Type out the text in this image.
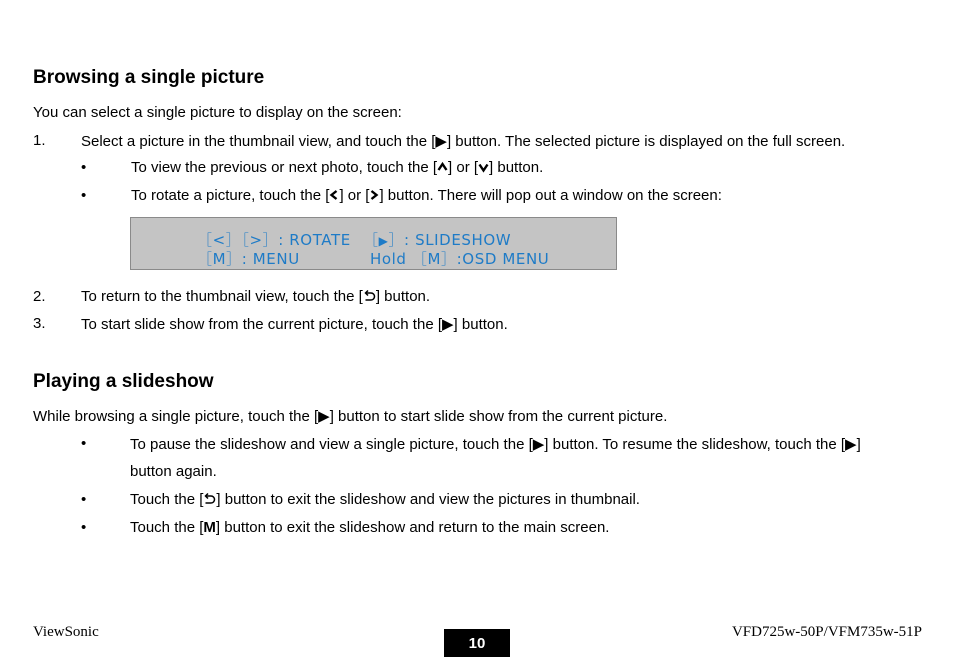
Browsing a single picture
You can select a single picture to display on the screen:
1. Select a picture in the thumbnail view, and touch the [▶] button. The selected picture is displayed on the full screen.
•	To view the previous or next photo, touch the [ ] or [ ] button.
•	To rotate a picture, touch the [ ] or [ ] button. There will pop out a window on the screen:
［<］［>］: ROTATE ［▶］: SLIDESHOW
［M］: MENU	Hold ［M］:OSD MENU
2. To return to the thumbnail view, touch the [ ] button.
3. To start slide show from the current picture, touch the [▶] button.
Playing a slideshow
While browsing a single picture, touch the [▶] button to start slide show from the current picture.
•	To pause the slideshow and view a single picture, touch the [▶] button. To resume the slideshow, touch the [▶]
button again.
•	Touch the [ ] button to exit the slideshow and view the pictures in thumbnail.
•	Touch the [M] button to exit the slideshow and return to the main screen.
ViewSonic
10
VFD725w-50P/VFM735w-51P
